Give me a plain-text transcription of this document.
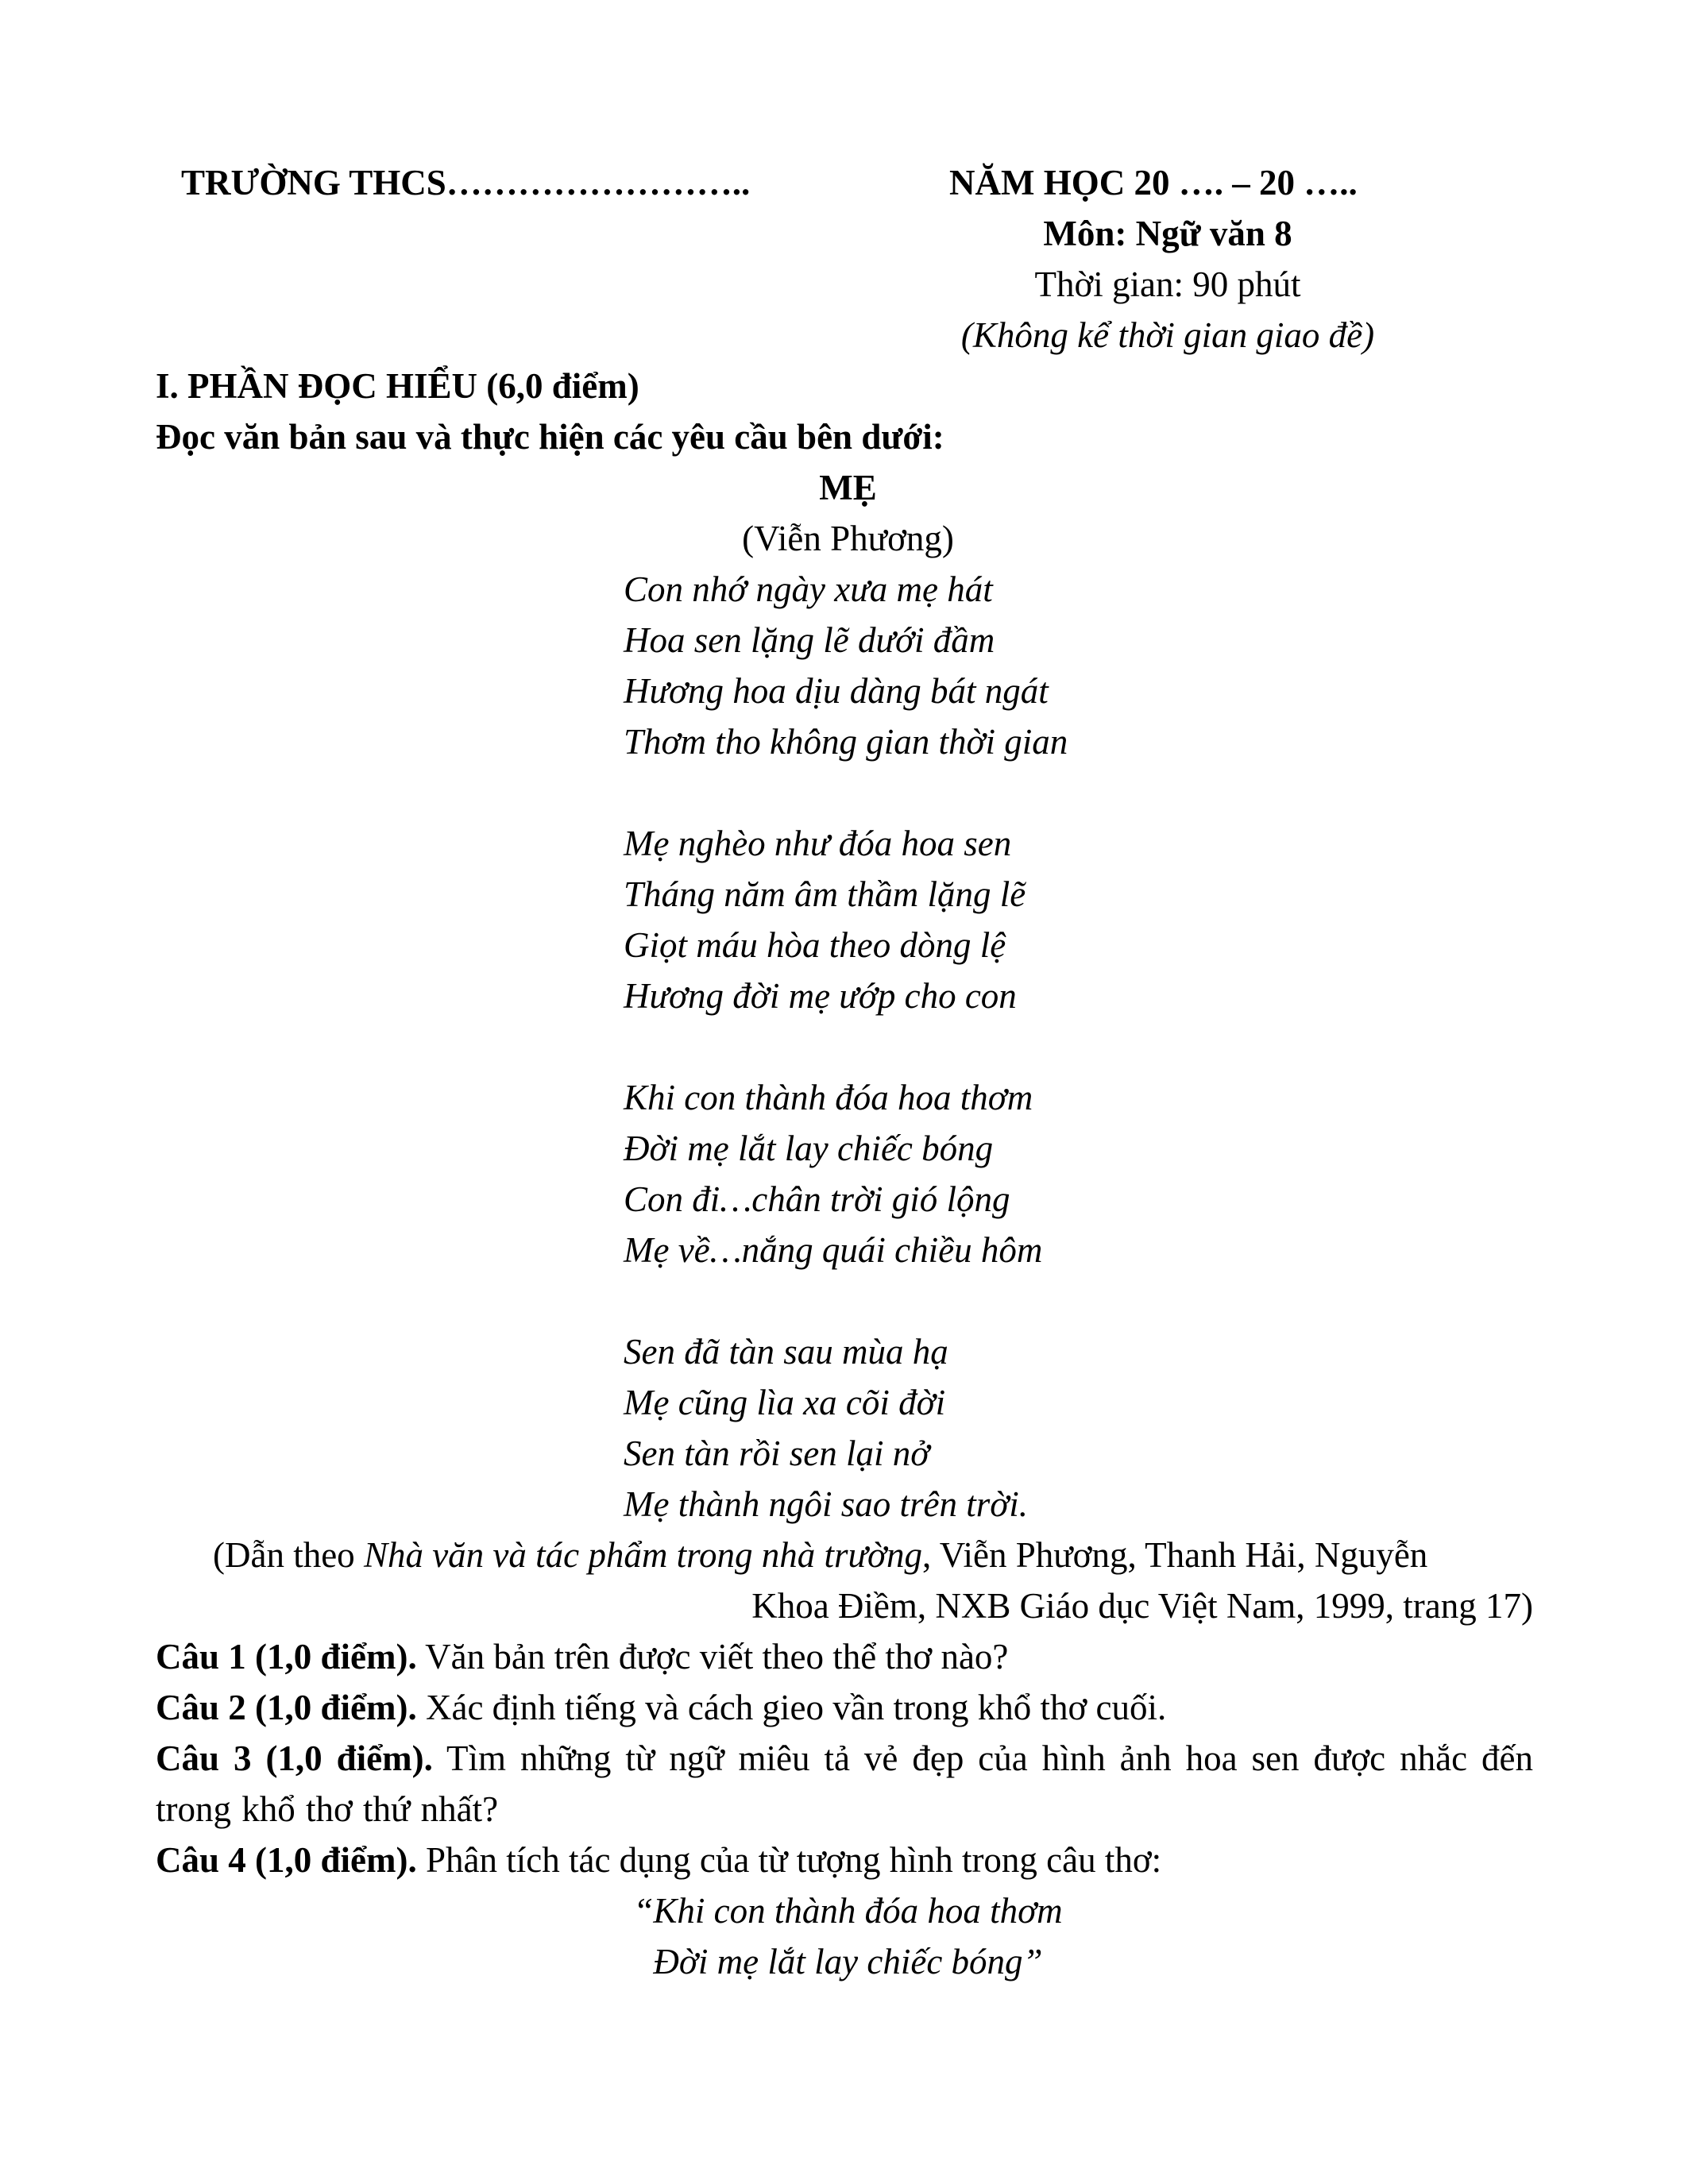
TRƯỜNG THCS……………………..	NĂM HỌC 20 …. – 20 …..
Môn: Ngữ văn 8
Thời gian: 90 phút
(Không kể thời gian giao đề)
I. PHẦN ĐỌC HIỂU (6,0 điểm)
Đọc văn bản sau và thực hiện các yêu cầu bên dưới:
MẸ
(Viễn Phương)
Con nhớ ngày xưa mẹ hát
Hoa sen lặng lẽ dưới đầm
Hương hoa dịu dàng bát ngát
Thơm tho không gian thời gian
Mẹ nghèo như đóa hoa sen
Tháng năm âm thầm lặng lẽ
Giọt máu hòa theo dòng lệ
Hương đời mẹ ướp cho con
Khi con thành đóa hoa thơm
Đời mẹ lắt lay chiếc bóng
Con đi…chân trời gió lộng
Mẹ về…nắng quái chiều hôm
Sen đã tàn sau mùa hạ
Mẹ cũng lìa xa cõi đời
Sen tàn rồi sen lại nở
Mẹ thành ngôi sao trên trời.
(Dẫn theo Nhà văn và tác phẩm trong nhà trường, Viễn Phương, Thanh Hải, Nguyễn
Khoa Điềm, NXB Giáo dục Việt Nam, 1999, trang 17)
Câu 1 (1,0 điểm). Văn bản trên được viết theo thể thơ nào?
Câu 2 (1,0 điểm). Xác định tiếng và cách gieo vần trong khổ thơ cuối.
Câu 3 (1,0 điểm). Tìm những từ ngữ miêu tả vẻ đẹp của hình ảnh hoa sen được nhắc đến trong khổ thơ thứ nhất?
Câu 4 (1,0 điểm). Phân tích tác dụng của từ tượng hình trong câu thơ:
“Khi con thành đóa hoa thơm
Đời mẹ lắt lay chiếc bóng”
